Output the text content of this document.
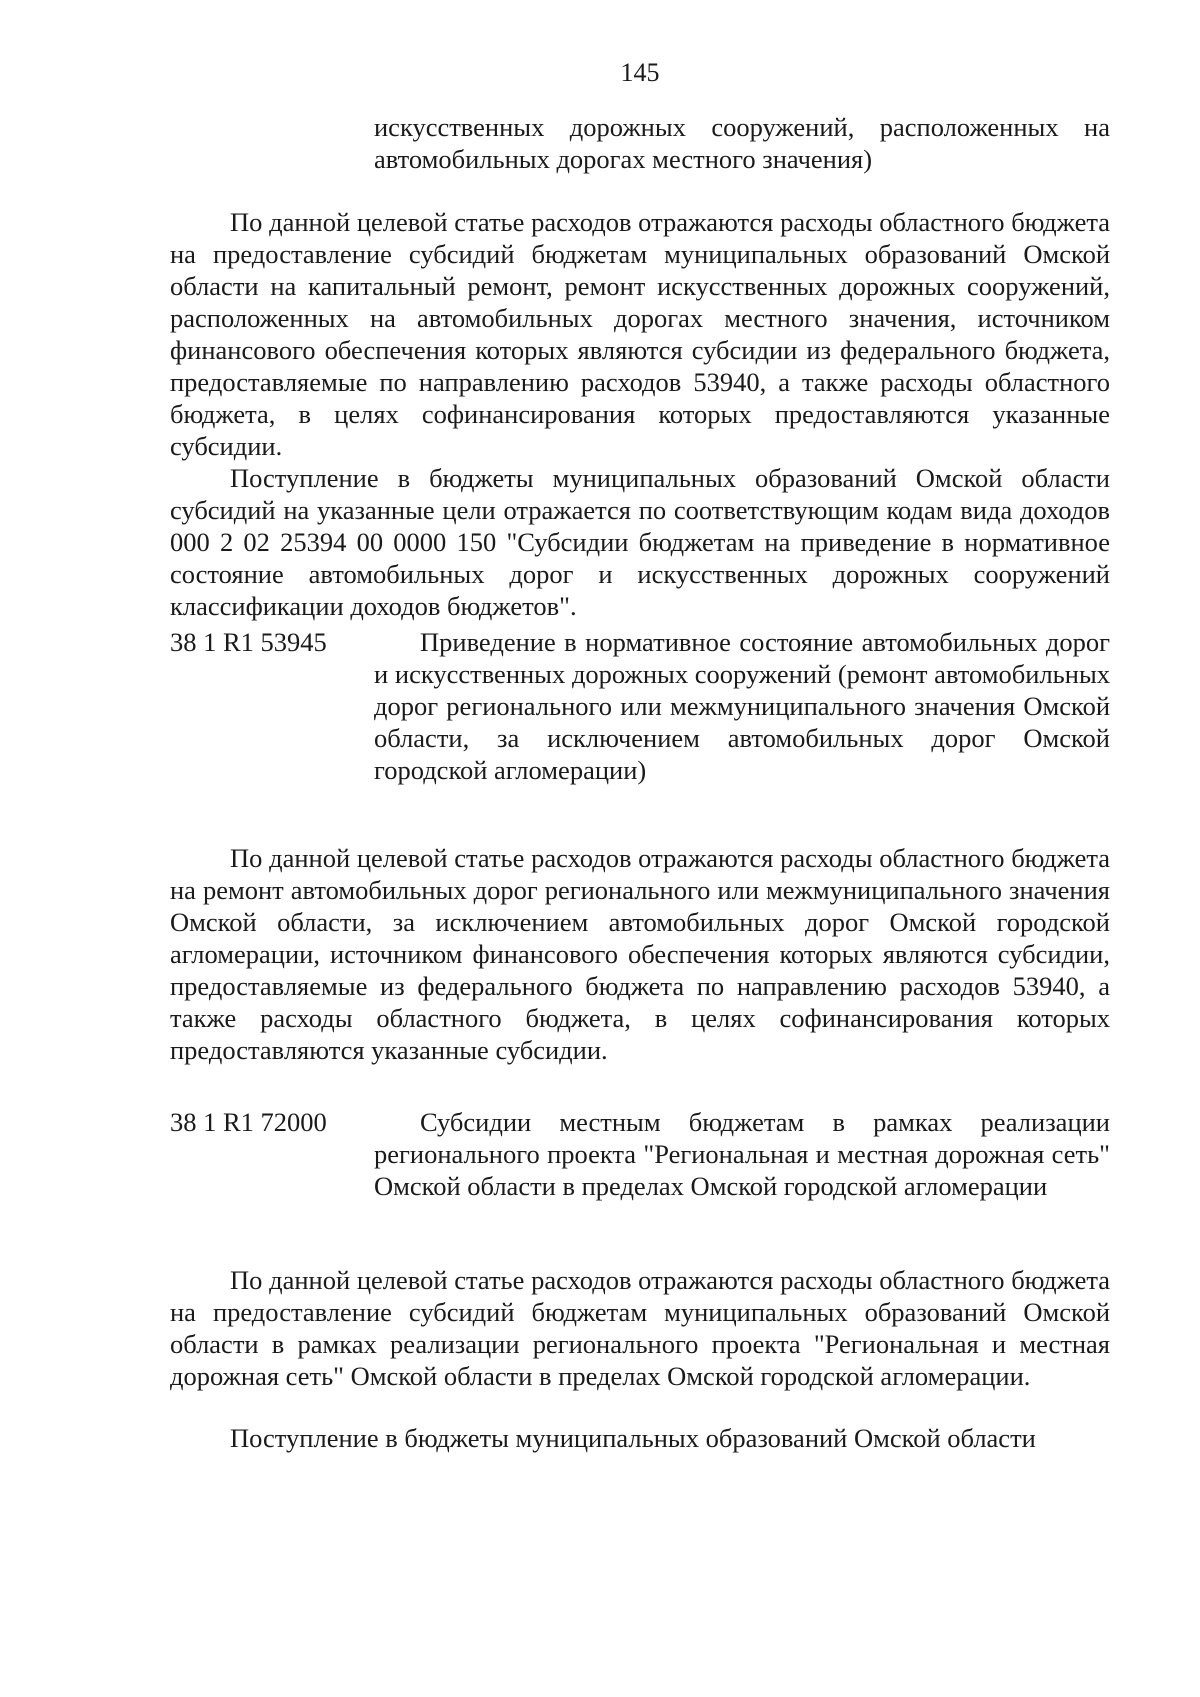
145

искусственных дорожных сооружений, расположенных на автомобильных дорогах местного значения)

По данной целевой статье расходов отражаются расходы областного бюджета на предоставление субсидий бюджетам муниципальных образований Омской области на капитальный ремонт, ремонт искусственных дорожных сооружений, расположенных на автомобильных дорогах местного значения, источником финансового обеспечения которых являются субсидии из федерального бюджета, предоставляемые по направлению расходов 53940, а также расходы областного бюджета, в целях софинансирования которых предоставляются указанные субсидии.

Поступление в бюджеты муниципальных образований Омской области субсидий на указанные цели отражается по соответствующим кодам вида доходов 000 2 02 25394 00 0000 150 "Субсидии бюджетам на приведение в нормативное состояние автомобильных дорог и искусственных дорожных сооружений классификации доходов бюджетов".

38 1 R1 53945	Приведение в нормативное состояние автомобильных дорог и искусственных дорожных сооружений (ремонт автомобильных дорог регионального или межмуниципального значения Омской области, за исключением автомобильных дорог Омской городской агломерации)

По данной целевой статье расходов отражаются расходы областного бюджета на ремонт автомобильных дорог регионального или межмуниципального значения Омской области, за исключением автомобильных дорог Омской городской агломерации, источником финансового обеспечения которых являются субсидии, предоставляемые из федерального бюджета по направлению расходов 53940, а также расходы областного бюджета, в целях софинансирования которых предоставляются указанные субсидии.

38 1 R1 72000	Субсидии местным бюджетам в рамках реализации регионального проекта "Региональная и местная дорожная сеть" Омской области в пределах Омской городской агломерации

По данной целевой статье расходов отражаются расходы областного бюджета на предоставление субсидий бюджетам муниципальных образований Омской области в рамках реализации регионального проекта "Региональная и местная дорожная сеть" Омской области в пределах Омской городской агломерации.

Поступление в бюджеты муниципальных образований Омской области
